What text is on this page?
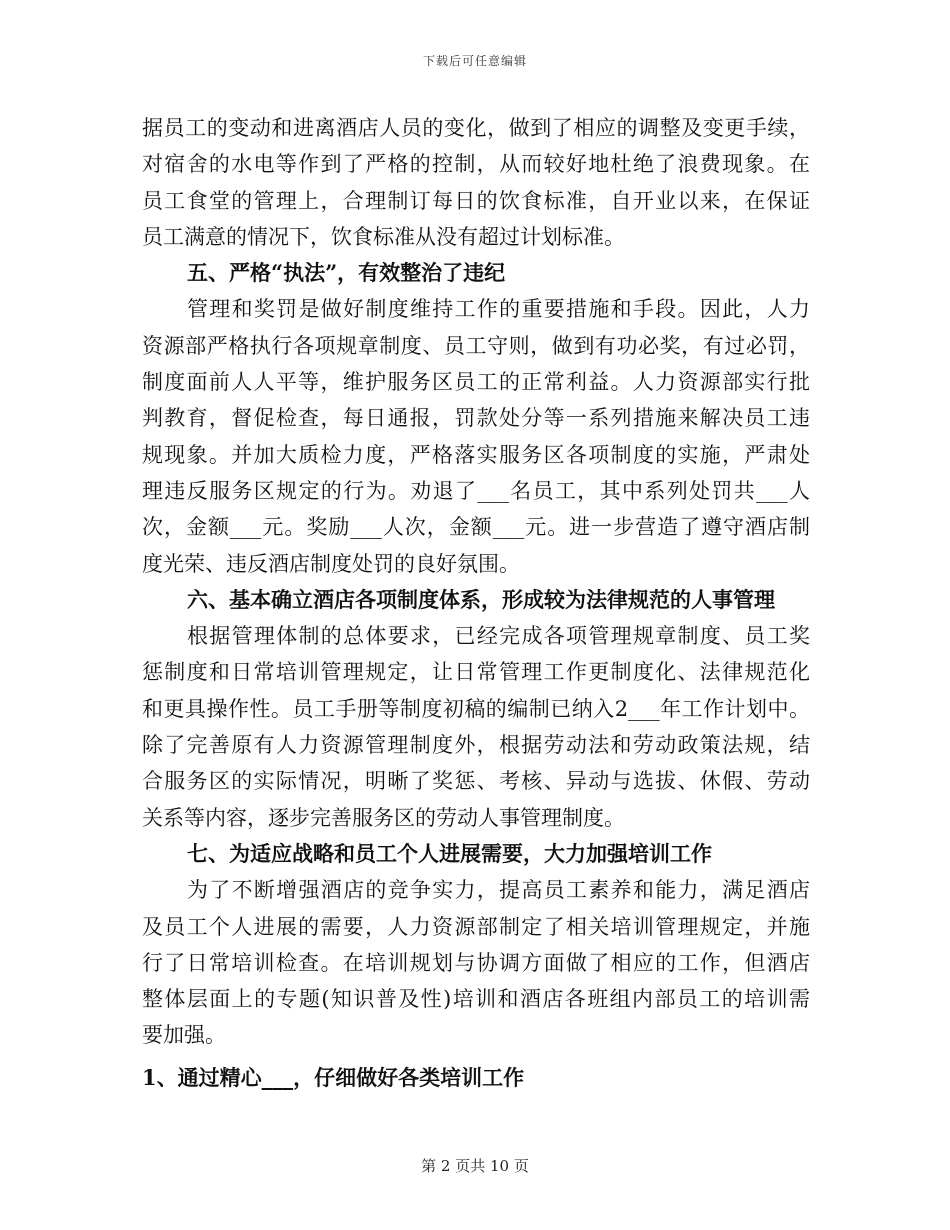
下载后可任意编辑
据员工的变动和进离酒店人员的变化，做到了相应的调整及变更手续，
对宿舍的水电等作到了严格的控制，从而较好地杜绝了浪费现象。在
员工食堂的管理上，合理制订每日的饮食标准，自开业以来，在保证
员工满意的情况下，饮食标准从没有超过计划标准。
五、严格“执法”，有效整治了违纪
管理和奖罚是做好制度维持工作的重要措施和手段。因此，人力
资源部严格执行各项规章制度、员工守则，做到有功必奖，有过必罚，
制度面前人人平等，维护服务区员工的正常利益。人力资源部实行批
判教育，督促检查，每日通报，罚款处分等一系列措施来解决员工违
规现象。并加大质检力度，严格落实服务区各项制度的实施，严肃处
理违反服务区规定的行为。劝退了___名员工，其中系列处罚共___人
次，金额___元。奖励___人次，金额___元。进一步营造了遵守酒店制
度光荣、违反酒店制度处罚的良好氛围。
六、基本确立酒店各项制度体系，形成较为法律规范的人事管理
根据管理体制的总体要求，已经完成各项管理规章制度、员工奖
惩制度和日常培训管理规定，让日常管理工作更制度化、法律规范化
和更具操作性。员工手册等制度初稿的编制已纳入2___年工作计划中。
除了完善原有人力资源管理制度外，根据劳动法和劳动政策法规，结
合服务区的实际情况，明晰了奖惩、考核、异动与选拔、休假、劳动
关系等内容，逐步完善服务区的劳动人事管理制度。
七、为适应战略和员工个人进展需要，大力加强培训工作
为了不断增强酒店的竞争实力，提高员工素养和能力，满足酒店
及员工个人进展的需要，人力资源部制定了相关培训管理规定，并施
行了日常培训检查。在培训规划与协调方面做了相应的工作，但酒店
整体层面上的专题(知识普及性)培训和酒店各班组内部员工的培训需
要加强。
1、通过精心___，仔细做好各类培训工作
第 2 页共 10 页
